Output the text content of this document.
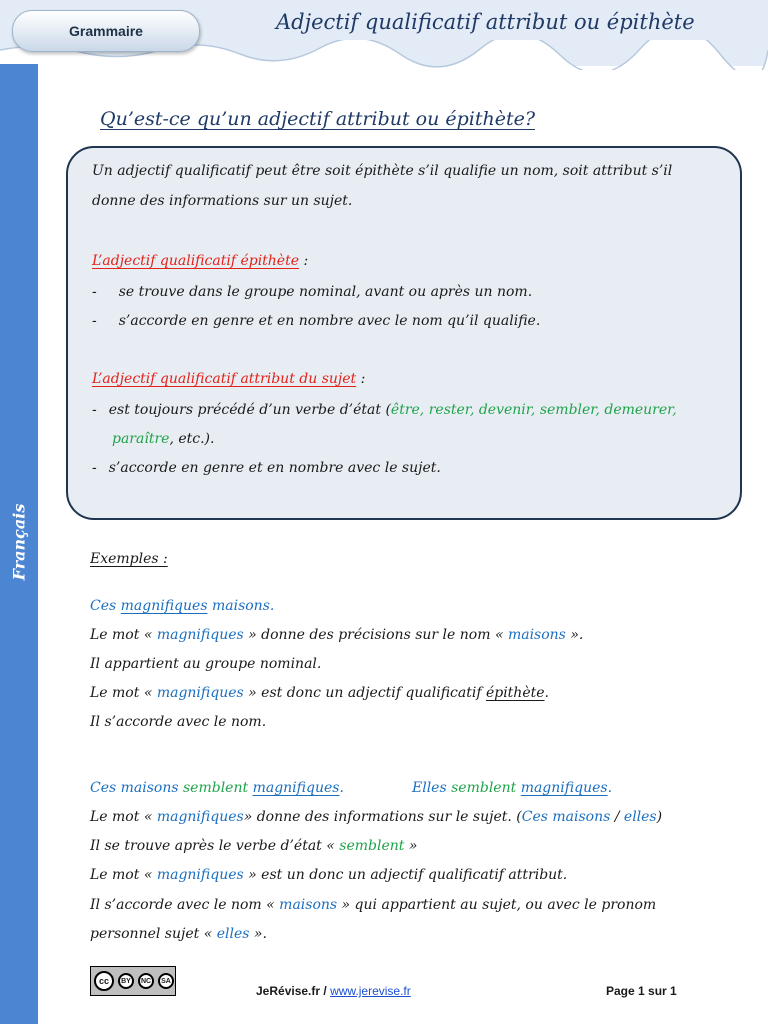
Grammaire	Adjectif qualificatif attribut ou épithète
Français
Qu’est-ce qu’un adjectif attribut ou épithète?
Un adjectif qualificatif peut être soit épithète s’il qualifie un nom, soit attribut s’il
donne des informations sur un sujet.
L’adjectif qualificatif épithète :
- se trouve dans le groupe nominal, avant ou après un nom.
- s’accorde en genre et en nombre avec le nom qu’il qualifie.
L’adjectif qualificatif attribut du sujet :
- est toujours précédé d’un verbe d’état (être, rester, devenir, sembler, demeurer,
paraître, etc.).
- s’accorde en genre et en nombre avec le sujet.
Exemples :
Ces magnifiques maisons.
Le mot « magnifiques » donne des précisions sur le nom « maisons ».
Il appartient au groupe nominal.
Le mot « magnifiques » est donc un adjectif qualificatif épithète.
Il s’accorde avec le nom.
Ces maisons semblent magnifiques.	Elles semblent magnifiques.
Le mot « magnifiques» donne des informations sur le sujet. (Ces maisons / elles)
Il se trouve après le verbe d’état « semblent »
Le mot « magnifiques » est un donc un adjectif qualificatif attribut.
Il s’accorde avec le nom « maisons » qui appartient au sujet, ou avec le pronom
personnel sujet « elles ».
cc	BY	NC	SA
JeRévise.fr / www.jerevise.fr	Page 1 sur 1
